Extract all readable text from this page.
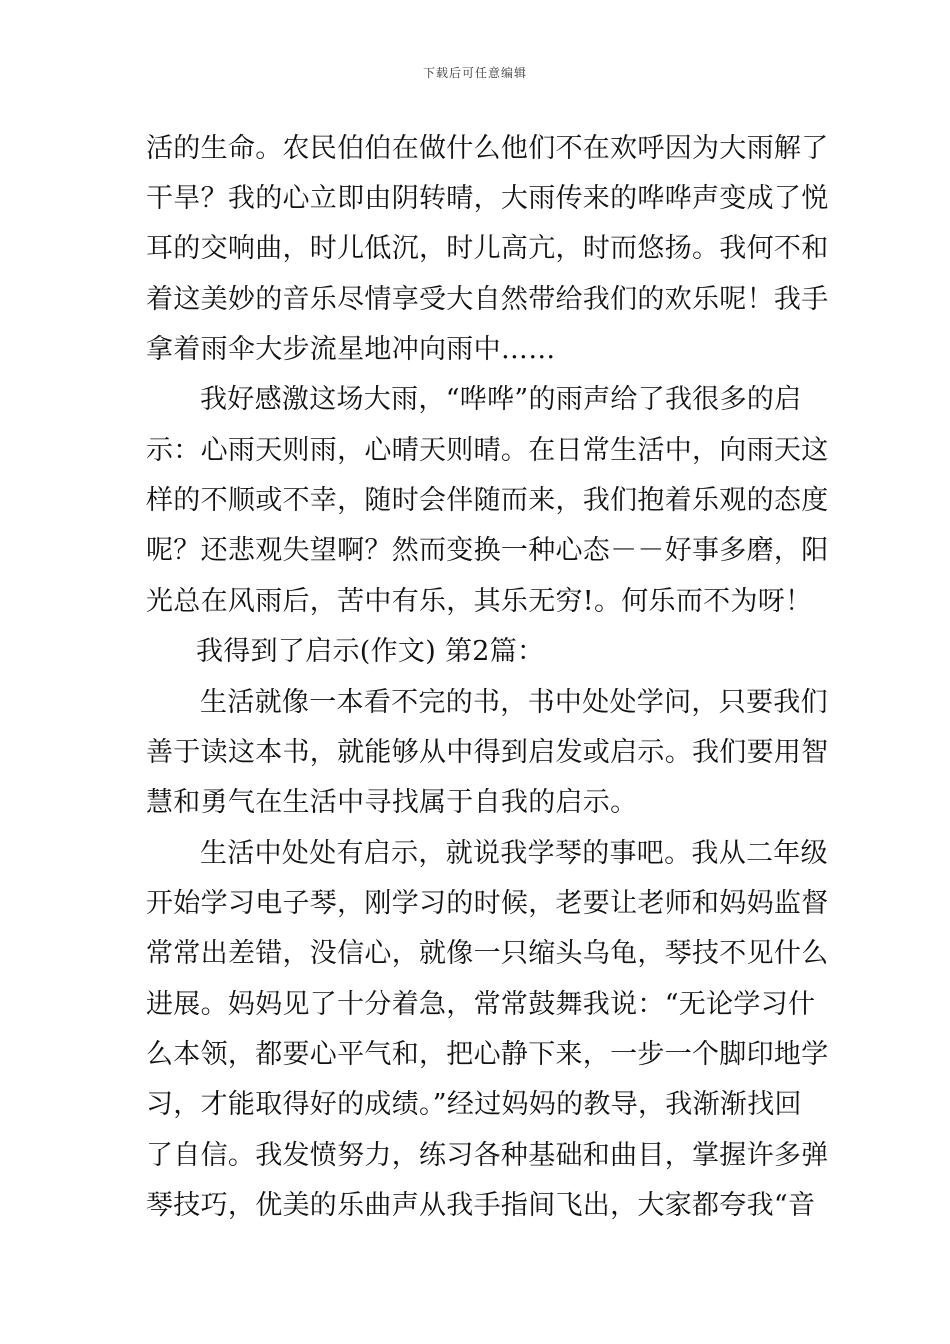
下载后可任意编辑
活的生命。农民伯伯在做什么他们不在欢呼因为大雨解了
干旱？我的心立即由阴转晴，大雨传来的哗哗声变成了悦
耳的交响曲，时儿低沉，时儿高亢，时而悠扬。我何不和
着这美妙的音乐尽情享受大自然带给我们的欢乐呢！我手
拿着雨伞大步流星地冲向雨中……
我好感激这场大雨，“哗哗”的雨声给了我很多的启
示：心雨天则雨，心晴天则晴。在日常生活中，向雨天这
样的不顺或不幸，随时会伴随而来，我们抱着乐观的态度
呢？还悲观失望啊？然而变换一种心态－－好事多磨，阳
光总在风雨后，苦中有乐，其乐无穷!。何乐而不为呀！
我得到了启示(作文) 第2篇：
生活就像一本看不完的书，书中处处学问，只要我们
善于读这本书，就能够从中得到启发或启示。我们要用智
慧和勇气在生活中寻找属于自我的启示。
生活中处处有启示，就说我学琴的事吧。我从二年级
开始学习电子琴，刚学习的时候，老要让老师和妈妈监督
常常出差错，没信心，就像一只缩头乌龟，琴技不见什么
进展。妈妈见了十分着急，常常鼓舞我说：“无论学习什
么本领，都要心平气和，把心静下来，一步一个脚印地学
习，才能取得好的成绩。”经过妈妈的教导，我渐渐找回
了自信。我发愤努力，练习各种基础和曲目，掌握许多弹
琴技巧，优美的乐曲声从我手指间飞出，大家都夸我“音
